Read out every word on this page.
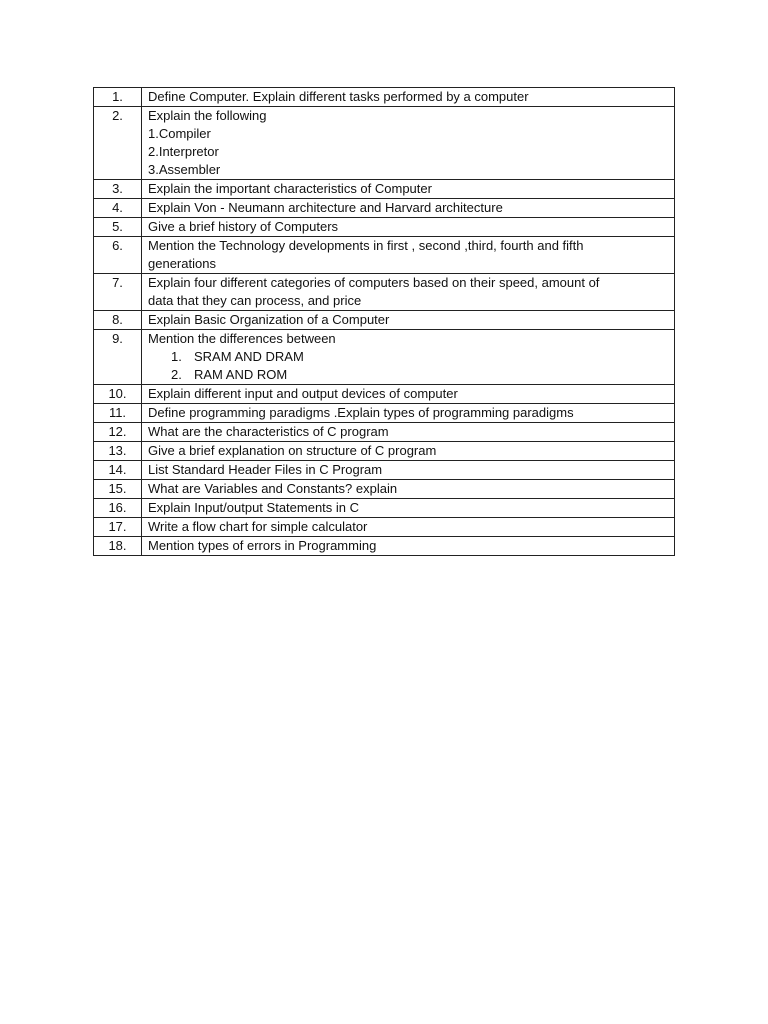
1.	Define Computer. Explain different tasks performed by a computer

2.	Explain the following
1.Compiler
2.Interpretor
3.Assembler

3.	Explain the important characteristics of Computer

4.	Explain Von - Neumann architecture and Harvard architecture

5.	Give a brief history of Computers

6.	Mention the Technology developments in first , second ,third, fourth and fifth
generations

7.	Explain four different categories of computers based on their speed, amount of
data that they can process, and price

8.	Explain Basic Organization of a Computer

9.	Mention the differences between
1. SRAM AND DRAM
2. RAM AND ROM

10.	Explain different input and output devices of computer

11.	Define programming paradigms .Explain types of programming paradigms

12.	What are the characteristics of C program

13.	Give a brief explanation on structure of C program

14.	List Standard Header Files in C Program

15.	What are Variables and Constants? explain

16.	Explain Input/output Statements in C

17.	Write a flow chart for simple calculator

18.	Mention types of errors in Programming
